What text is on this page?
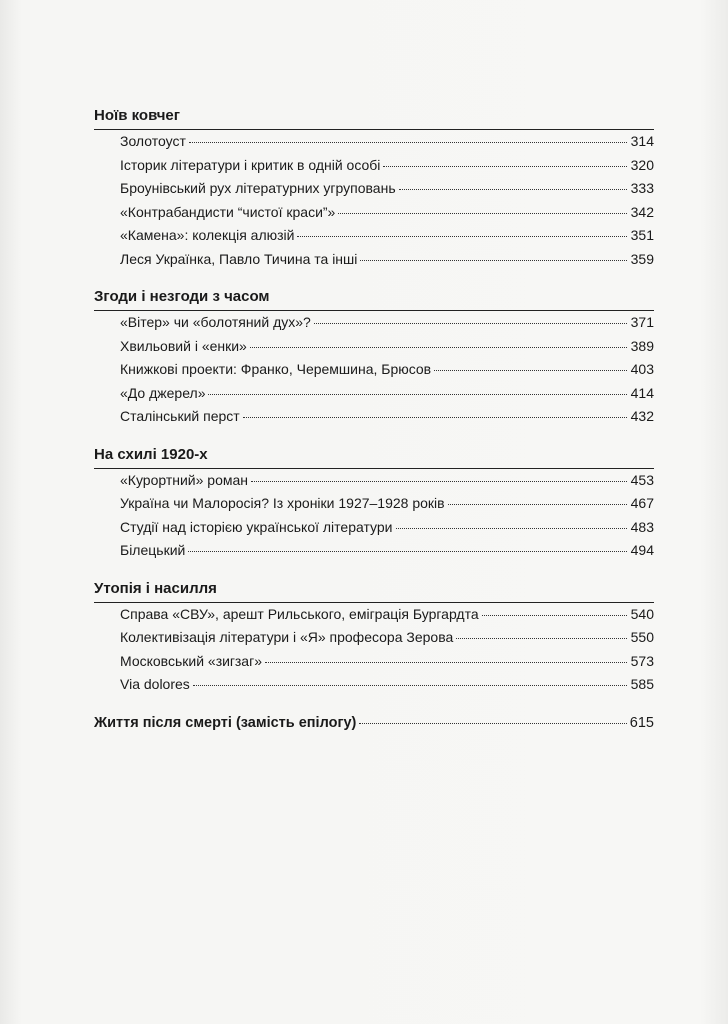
Ноїв ковчег
Золотоуст	314
Історик літератури і критик в одній особі	320
Броунівський рух літературних угруповань	333
«Контрабандисти “чистої краси”»	342
«Камена»: колекція алюзій	351
Леся Українка, Павло Тичина та інші	359
Згоди і незгоди з часом
«Вітер» чи «болотяний дух»?	371
Хвильовий і «енки»	389
Книжкові проекти: Франко, Черемшина, Брюсов	403
«До джерел»	414
Сталінський перст	432
На схилі 1920-х
«Курортний» роман	453
Україна чи Малоросія? Із хроніки 1927–1928 років	467
Студії над історією української літератури	483
Білецький	494
Утопія і насилля
Справа «СВУ», арешт Рильського, еміграція Бургардта	540
Колективізація літератури і «Я» професора Зерова	550
Московський «зигзаг»	573
Via dolores	585
Життя після смерті (замість епілогу)	615
